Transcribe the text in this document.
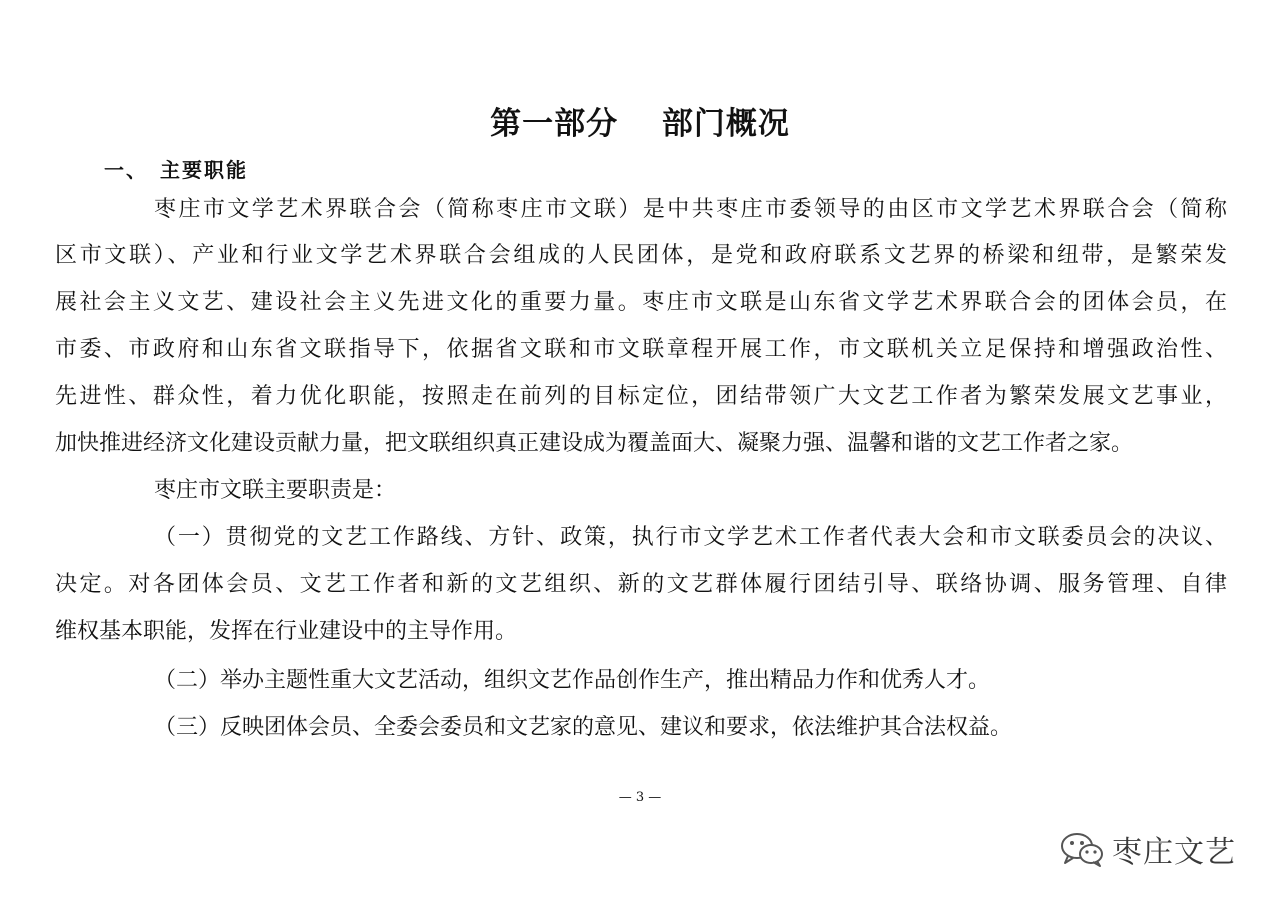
第一部分　 部门概况
一、 主要职能
枣庄市文学艺术界联合会（简称枣庄市文联）是中共枣庄市委领导的由区市文学艺术界联合会（简称
区市文联）、产业和行业文学艺术界联合会组成的人民团体，是党和政府联系文艺界的桥梁和纽带，是繁荣发
展社会主义文艺、建设社会主义先进文化的重要力量。枣庄市文联是山东省文学艺术界联合会的团体会员，在
市委、市政府和山东省文联指导下，依据省文联和市文联章程开展工作，市文联机关立足保持和增强政治性、
先进性、群众性，着力优化职能，按照走在前列的目标定位，团结带领广大文艺工作者为繁荣发展文艺事业，
加快推进经济文化建设贡献力量，把文联组织真正建设成为覆盖面大、凝聚力强、温馨和谐的文艺工作者之家。
枣庄市文联主要职责是：
（一）贯彻党的文艺工作路线、方针、政策，执行市文学艺术工作者代表大会和市文联委员会的决议、
决定。对各团体会员、文艺工作者和新的文艺组织、新的文艺群体履行团结引导、联络协调、服务管理、自律
维权基本职能，发挥在行业建设中的主导作用。
（二）举办主题性重大文艺活动，组织文艺作品创作生产，推出精品力作和优秀人才。
（三）反映团体会员、全委会委员和文艺家的意见、建议和要求，依法维护其合法权益。
— 3 —
枣庄文艺
